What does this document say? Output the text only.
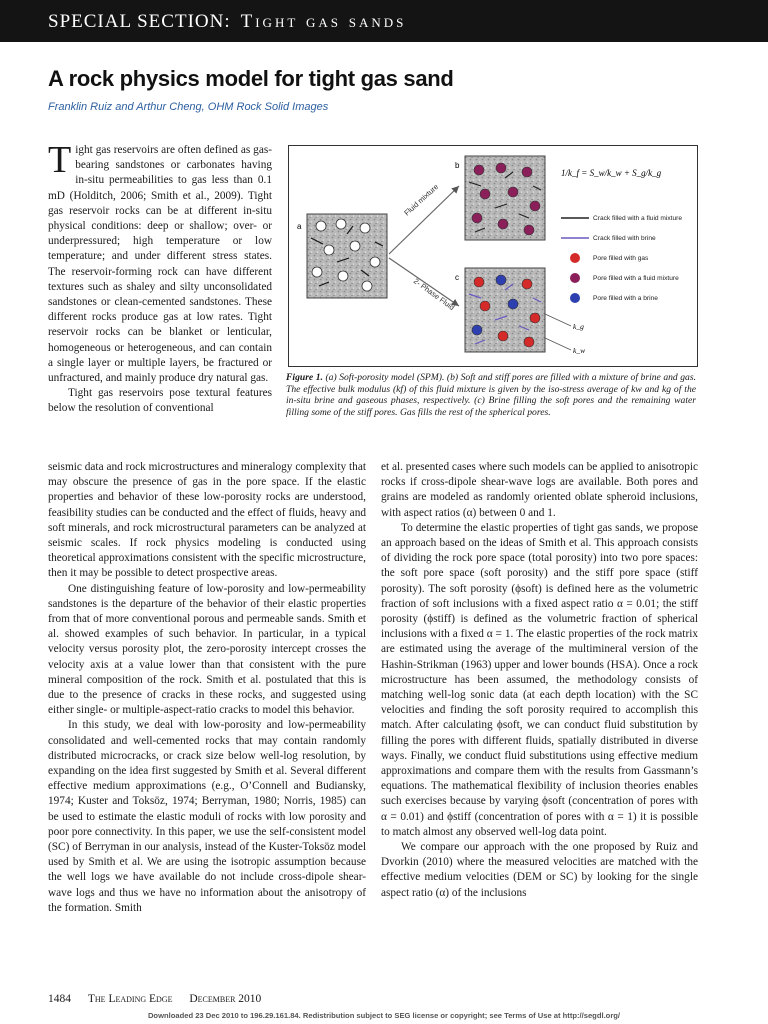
SPECIAL SECTION: Tight gas sands
A rock physics model for tight gas sand
Franklin Ruiz and Arthur Cheng, OHM Rock Solid Images

Tight gas reservoirs are often defined as gas-bearing sandstones or carbonates having in-situ permeabilities to gas less than 0.1 mD (Holditch, 2006; Smith et al., 2009). Tight gas reservoir rocks can be at different in-situ physical conditions: deep or shallow; over- or underpressured; high temperature or low temperature; and under different stress states. The reservoir-forming rock can have different textures such as shaley and silty unconsolidated sandstones or clean-cemented sandstones. These different rocks produce gas at low rates. Tight reservoir rocks can be blanket or lenticular, homogeneous or heterogeneous, and can contain a single layer or multiple layers, be fractured or unfractured, and mainly produce dry natural gas.

Tight gas reservoirs pose textural features below the resolution of conventional

a
Fluid mixture
2- Phase Fluid
b
c
k_g
k_w
1/k_f = S_w/k_w + S_g/k_g
Crack filled with a fluid mixture
Crack filled with brine
Pore filled with gas
Pore filled with a fluid mixture
Pore filled with a brine
Figure 1. (a) Soft-porosity model (SPM). (b) Soft and stiff pores are filled with a mixture of brine and gas. The effective bulk modulus (kf) of this fluid mixture is given by the iso-stress average of kw and kg of the in-situ brine and gaseous phases, respectively. (c) Brine filling the soft pores and the remaining water filling some of the stiff pores. Gas fills the rest of the spherical pores.

seismic data and rock microstructures and mineralogy complexity that may obscure the presence of gas in the pore space. If the elastic properties and behavior of these low-porosity rocks are understood, feasibility studies can be conducted and the effect of fluids, heavy and soft minerals, and rock microstructural parameters can be analyzed at seismic scales. If rock physics modeling is conducted using theoretical approximations consistent with the specific microstructure, then it may be possible to detect prospective areas.

One distinguishing feature of low-porosity and low-permeability sandstones is the departure of the behavior of their elastic properties from that of more conventional porous and permeable sands. Smith et al. showed examples of such behavior. In particular, in a typical velocity versus porosity plot, the zero-porosity intercept crosses the velocity axis at a value lower than that consistent with the pure mineral composition of the rock. Smith et al. postulated that this is due to the presence of cracks in these rocks, and suggested using either single- or multiple-aspect-ratio cracks to model this behavior.

In this study, we deal with low-porosity and low-permeability consolidated and well-cemented rocks that may contain randomly distributed microcracks, or crack size below well-log resolution, by expanding on the idea first suggested by Smith et al. Several different effective medium approximations (e.g., O’Connell and Budiansky, 1974; Kuster and Toksöz, 1974; Berryman, 1980; Norris, 1985) can be used to estimate the elastic moduli of rocks with low porosity and poor pore connectivity. In this paper, we use the self-consistent model (SC) of Berryman in our analysis, instead of the Kuster-Toksöz model used by Smith et al. We are using the isotropic assumption because the well logs we have available do not include cross-dipole shear-wave logs and thus we have no information about the anisotropy of the formation. Smith

et al. presented cases where such models can be applied to anisotropic rocks if cross-dipole shear-wave logs are available. Both pores and grains are modeled as randomly oriented oblate spheroid inclusions, with aspect ratios (α) between 0 and 1.

To determine the elastic properties of tight gas sands, we propose an approach based on the ideas of Smith et al. This approach consists of dividing the rock pore space (total porosity) into two pore spaces: the soft pore space (soft porosity) and the stiff pore space (stiff porosity). The soft porosity (ϕsoft) is defined here as the volumetric fraction of soft inclusions with a fixed aspect ratio α = 0.01; the stiff porosity (ϕstiff) is defined as the volumetric fraction of spherical inclusions with a fixed α = 1. The elastic properties of the rock matrix are estimated using the average of the multimineral version of the Hashin-Strikman (1963) upper and lower bounds (HSA). Once a rock microstructure has been assumed, the methodology consists of matching well-log sonic data (at each depth location) with the SC velocities and finding the soft porosity required to accomplish this match. After calculating ϕsoft, we can conduct fluid substitution by filling the pores with different fluids, spatially distributed in diverse ways. Finally, we conduct fluid substitutions using effective medium approximations and compare them with the results from Gassmann’s equations. The mathematical flexibility of inclusion theories enables such exercises because by varying ϕsoft (concentration of pores with α = 0.01) and ϕstiff (concentration of pores with α = 1) it is possible to match almost any observed well-log data point.

We compare our approach with the one proposed by Ruiz and Dvorkin (2010) where the measured velocities are matched with the effective medium velocities (DEM or SC) by looking for the single aspect ratio (α) of the inclusions

1484 The Leading Edge December 2010
Downloaded 23 Dec 2010 to 196.29.161.84. Redistribution subject to SEG license or copyright; see Terms of Use at http://segdl.org/
